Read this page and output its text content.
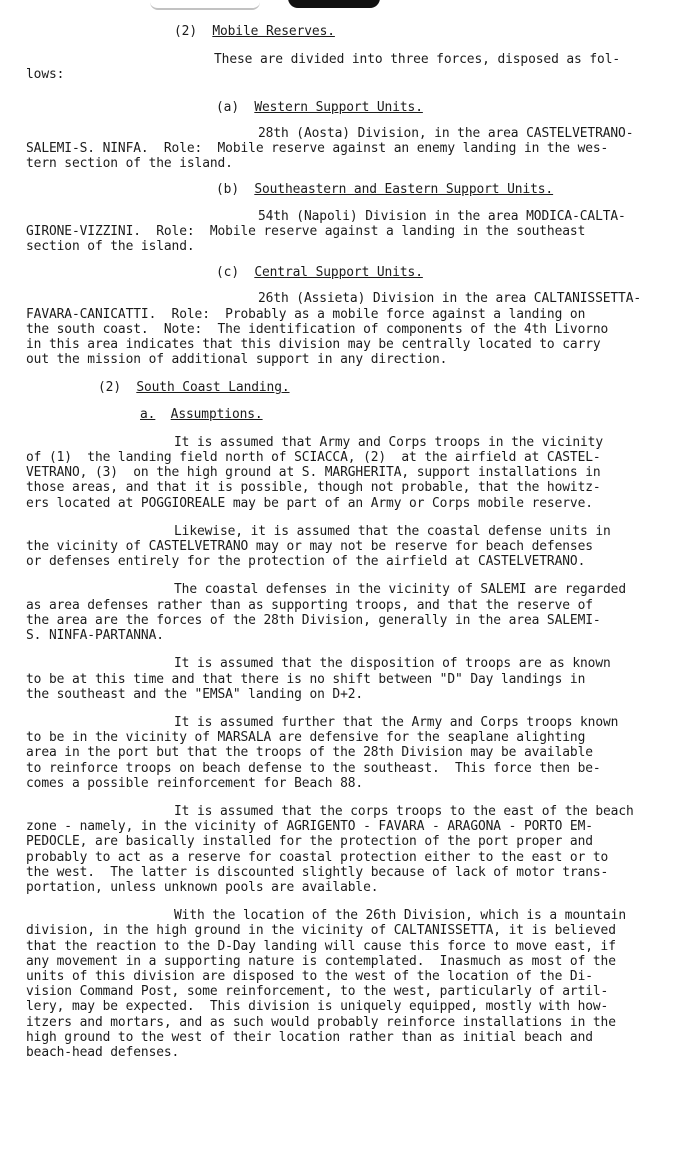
(2) Mobile Reserves.
These are divided into three forces, disposed as fol-
lows:
(a) Western Support Units.
28th (Aosta) Division, in the area CASTELVETRANO-
SALEMI-S. NINFA.  Role:  Mobile reserve against an enemy landing in the wes-
tern section of the island.
(b) Southeastern and Eastern Support Units.
54th (Napoli) Division in the area MODICA-CALTA-
GIRONE-VIZZINI.  Role:  Mobile reserve against a landing in the southeast
section of the island.
(c) Central Support Units.
26th (Assieta) Division in the area CALTANISSETTA-
FAVARA-CANICATTI.  Role:  Probably as a mobile force against a landing on
the south coast.  Note:  The identification of components of the 4th Livorno
in this area indicates that this division may be centrally located to carry
out the mission of additional support in any direction.
(2) South Coast Landing.
a. Assumptions.
It is assumed that Army and Corps troops in the vicinity
of (1)  the landing field north of SCIACCA, (2)  at the airfield at CASTEL-
VETRANO, (3)  on the high ground at S. MARGHERITA, support installations in
those areas, and that it is possible, though not probable, that the howitz-
ers located at POGGIOREALE may be part of an Army or Corps mobile reserve.
Likewise, it is assumed that the coastal defense units in
the vicinity of CASTELVETRANO may or may not be reserve for beach defenses
or defenses entirely for the protection of the airfield at CASTELVETRANO.
The coastal defenses in the vicinity of SALEMI are regarded
as area defenses rather than as supporting troops, and that the reserve of
the area are the forces of the 28th Division, generally in the area SALEMI-
S. NINFA-PARTANNA.
It is assumed that the disposition of troops are as known
to be at this time and that there is no shift between "D" Day landings in
the southeast and the "EMSA" landing on D+2.
It is assumed further that the Army and Corps troops known
to be in the vicinity of MARSALA are defensive for the seaplane alighting
area in the port but that the troops of the 28th Division may be available
to reinforce troops on beach defense to the southeast.  This force then be-
comes a possible reinforcement for Beach 88.
It is assumed that the corps troops to the east of the beach
zone - namely, in the vicinity of AGRIGENTO - FAVARA - ARAGONA - PORTO EM-
PEDOCLE, are basically installed for the protection of the port proper and
probably to act as a reserve for coastal protection either to the east or to
the west.  The latter is discounted slightly because of lack of motor trans-
portation, unless unknown pools are available.
With the location of the 26th Division, which is a mountain
division, in the high ground in the vicinity of CALTANISSETTA, it is believed
that the reaction to the D-Day landing will cause this force to move east, if
any movement in a supporting nature is contemplated.  Inasmuch as most of the
units of this division are disposed to the west of the location of the Di-
vision Command Post, some reinforcement, to the west, particularly of artil-
lery, may be expected.  This division is uniquely equipped, mostly with how-
itzers and mortars, and as such would probably reinforce installations in the
high ground to the west of their location rather than as initial beach and
beach-head defenses.
